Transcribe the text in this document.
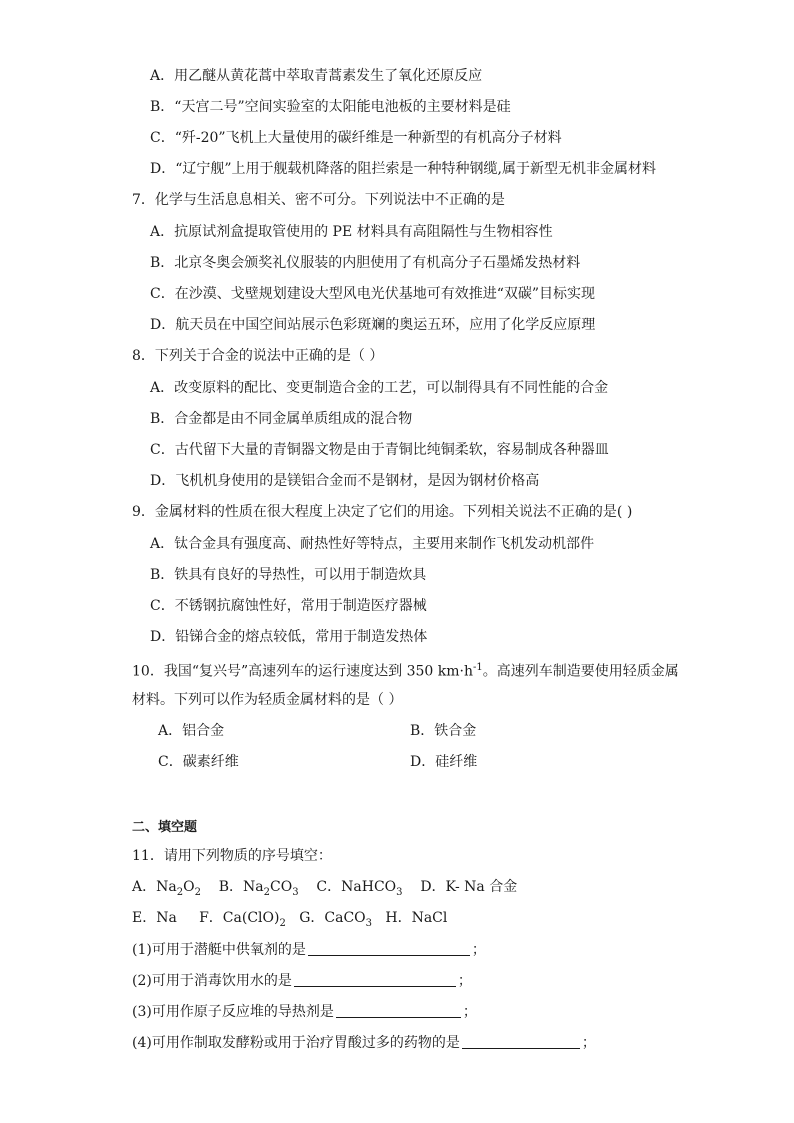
A．用乙醚从黄花蒿中萃取青蒿素发生了氧化还原反应
B．“天宫二号”空间实验室的太阳能电池板的主要材料是硅
C．“歼-20”飞机上大量使用的碳纤维是一种新型的有机高分子材料
D．“辽宁舰”上用于舰载机降落的阻拦索是一种特种钢缆,属于新型无机非金属材料
7．化学与生活息息相关、密不可分。下列说法中不正确的是
A．抗原试剂盒提取管使用的 PE 材料具有高阻隔性与生物相容性
B．北京冬奥会颁奖礼仪服装的内胆使用了有机高分子石墨烯发热材料
C．在沙漠、戈壁规划建设大型风电光伏基地可有效推进“双碳”目标实现
D．航天员在中国空间站展示色彩斑斓的奥运五环，应用了化学反应原理
8．下列关于合金的说法中正确的是（ ）
A．改变原料的配比、变更制造合金的工艺，可以制得具有不同性能的合金
B．合金都是由不同金属单质组成的混合物
C．古代留下大量的青铜器文物是由于青铜比纯铜柔软，容易制成各种器皿
D．飞机机身使用的是镁铝合金而不是钢材，是因为钢材价格高
9．金属材料的性质在很大程度上决定了它们的用途。下列相关说法不正确的是( )
A．钛合金具有强度高、耐热性好等特点，主要用来制作飞机发动机部件
B．铁具有良好的导热性，可以用于制造炊具
C．不锈钢抗腐蚀性好，常用于制造医疗器械
D．铅锑合金的熔点较低，常用于制造发热体
10．我国“复兴号”高速列车的运行速度达到 350 $km\cdot h^{-1}$。高速列车制造要使用轻质金属
材料。下列可以作为轻质金属材料的是（ ）
A．铝合金	B．铁合金
C．碳素纤维	D．硅纤维
二、填空题
11．请用下列物质的序号填空：
A．$Na_2O_2$ B．$Na_2CO_3$ C．NaHCO$_3$ D．K- Na 合金
E．Na F．$Ca(ClO)_2$ G．CaCO$_3$ H．NaCl
(1)可用于潜艇中供氧剂的是	；
(2)可用于消毒饮用水的是	；
(3)可用作原子反应堆的导热剂是	；
(4)可用作制取发酵粉或用于治疗胃酸过多的药物的是	；
